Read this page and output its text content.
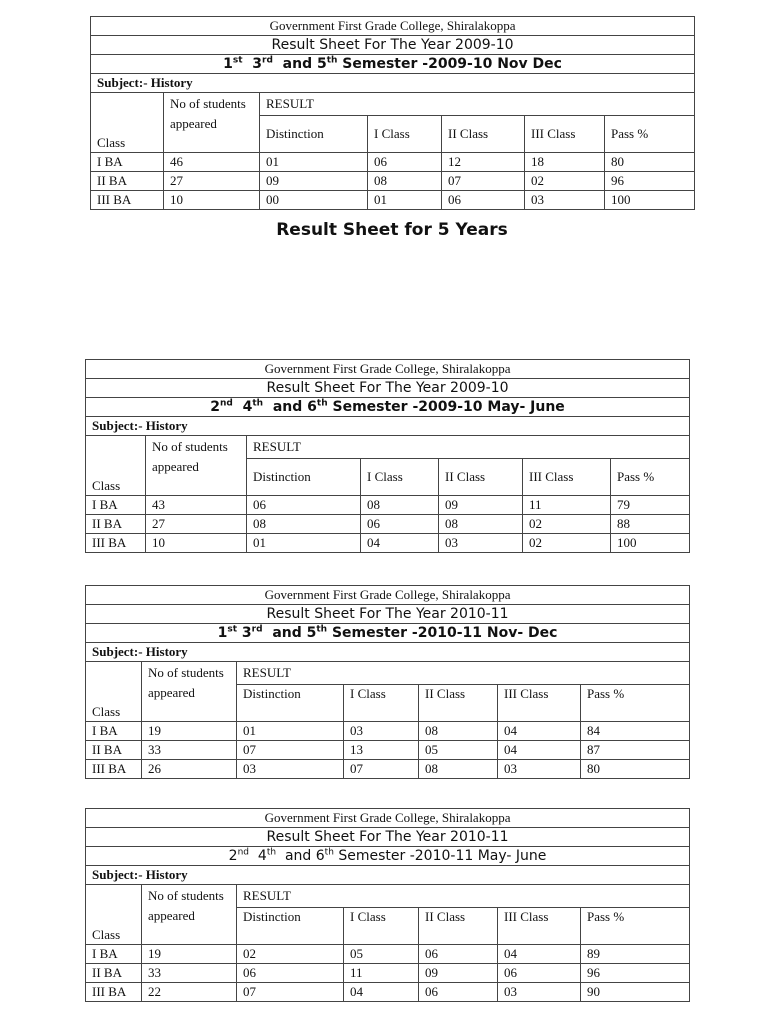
Government First Grade College, Shiralakoppa						
Result Sheet For The Year 2009-10						
1st 3rd and 5th Semester -2009-10 Nov Dec						
Subject:- History						
Class	No of students appeared	RESULT				
		Distinction	I Class	II Class	III Class	Pass %
I BA	46	01	06	12	18	80
II BA	27	09	08	07	02	96
III BA	10	00	01	06	03	100
Result Sheet for 5 Years
Government First Grade College, Shiralakoppa						
Result Sheet For The Year 2009-10						
2nd 4th and 6th Semester -2009-10 May- June						
Subject:- History						
Class	No of students appeared	RESULT				
		Distinction	I Class	II Class	III Class	Pass %
I BA	43	06	08	09	11	79
II BA	27	08	06	08	02	88
III BA	10	01	04	03	02	100
Government First Grade College, Shiralakoppa						
Result Sheet For The Year 2010-11						
1st 3rd and 5th Semester -2010-11 Nov- Dec						
Subject:- History						
Class	No of students appeared	RESULT				
		Distinction	I Class	II Class	III Class	Pass %
I BA	19	01	03	08	04	84
II BA	33	07	13	05	04	87
III BA	26	03	07	08	03	80
Government First Grade College, Shiralakoppa						
Result Sheet For The Year 2010-11						
2nd 4th and 6th Semester -2010-11 May- June						
Subject:- History						
Class	No of students appeared	RESULT				
		Distinction	I Class	II Class	III Class	Pass %
I BA	19	02	05	06	04	89
II BA	33	06	11	09	06	96
III BA	22	07	04	06	03	90
